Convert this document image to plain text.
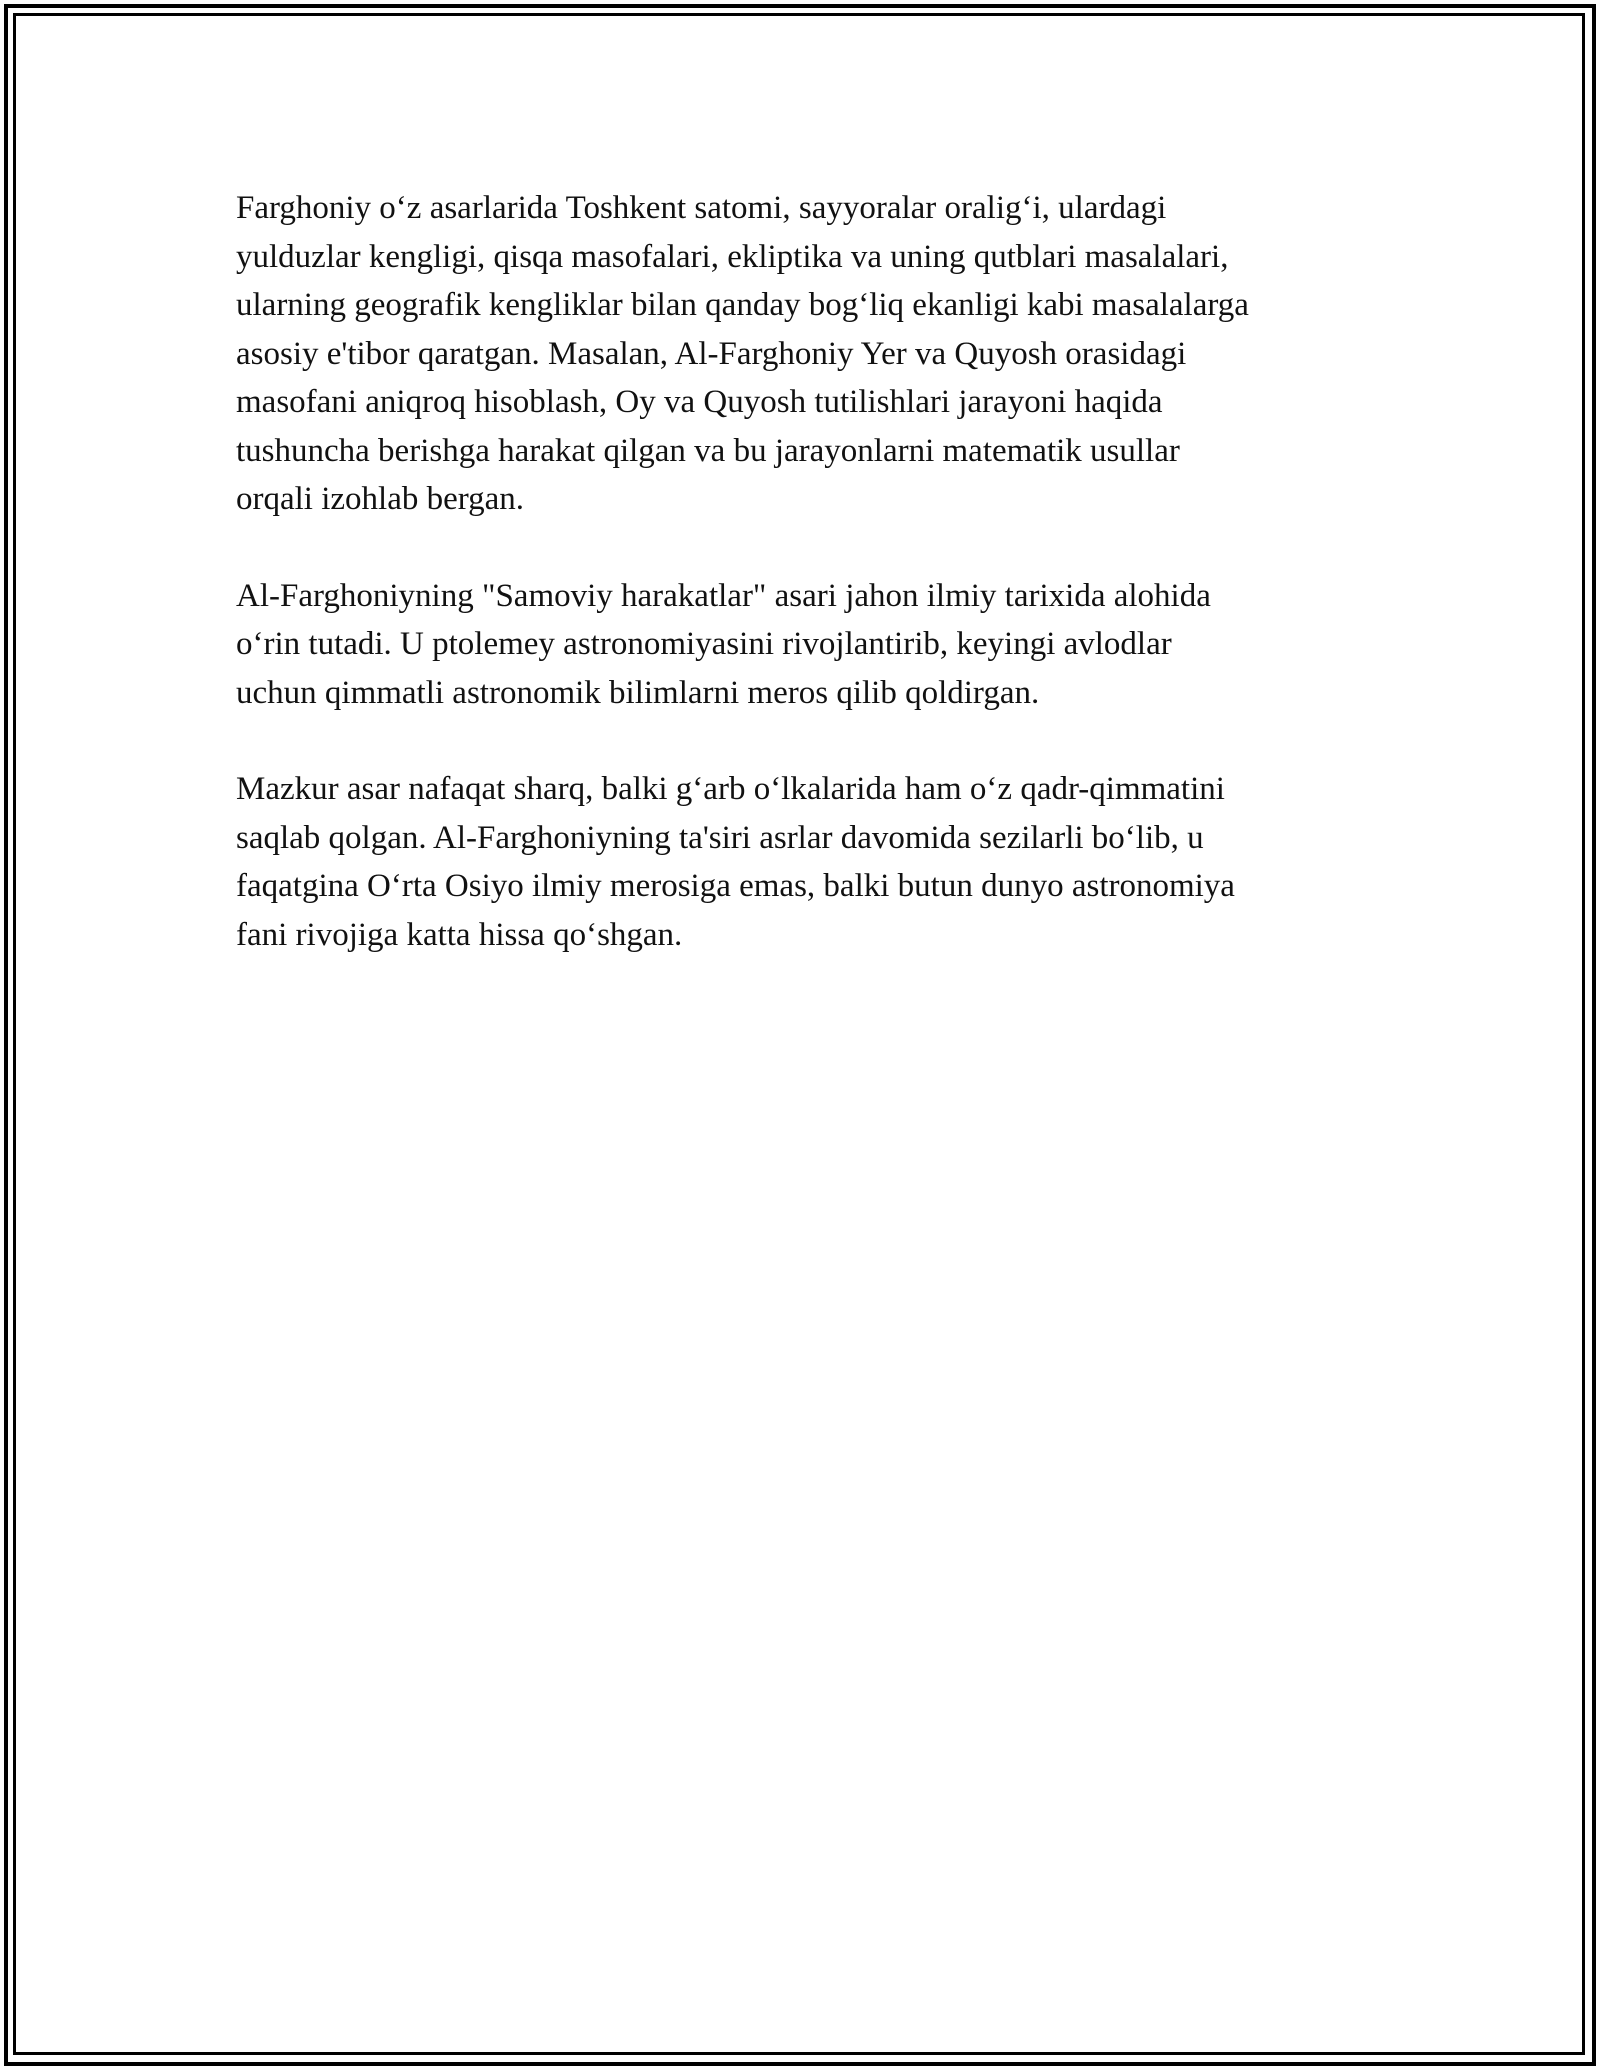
Farghoniy o‘z asarlarida Toshkent satomi, sayyoralar oralig‘i, ulardagi
yulduzlar kengligi, qisqa masofalari, ekliptika va uning qutblari masalalari,
ularning geografik kengliklar bilan qanday bog‘liq ekanligi kabi masalalarga
asosiy e'tibor qaratgan. Masalan, Al-Farghoniy Yer va Quyosh orasidagi
masofani aniqroq hisoblash, Oy va Quyosh tutilishlari jarayoni haqida
tushuncha berishga harakat qilgan va bu jarayonlarni matematik usullar
orqali izohlab bergan.

Al-Farghoniyning "Samoviy harakatlar" asari jahon ilmiy tarixida alohida
o‘rin tutadi. U ptolemey astronomiyasini rivojlantirib, keyingi avlodlar
uchun qimmatli astronomik bilimlarni meros qilib qoldirgan.

Mazkur asar nafaqat sharq, balki g‘arb o‘lkalarida ham o‘z qadr-qimmatini
saqlab qolgan. Al-Farghoniyning ta'siri asrlar davomida sezilarli bo‘lib, u
faqatgina O‘rta Osiyo ilmiy merosiga emas, balki butun dunyo astronomiya
fani rivojiga katta hissa qo‘shgan.
